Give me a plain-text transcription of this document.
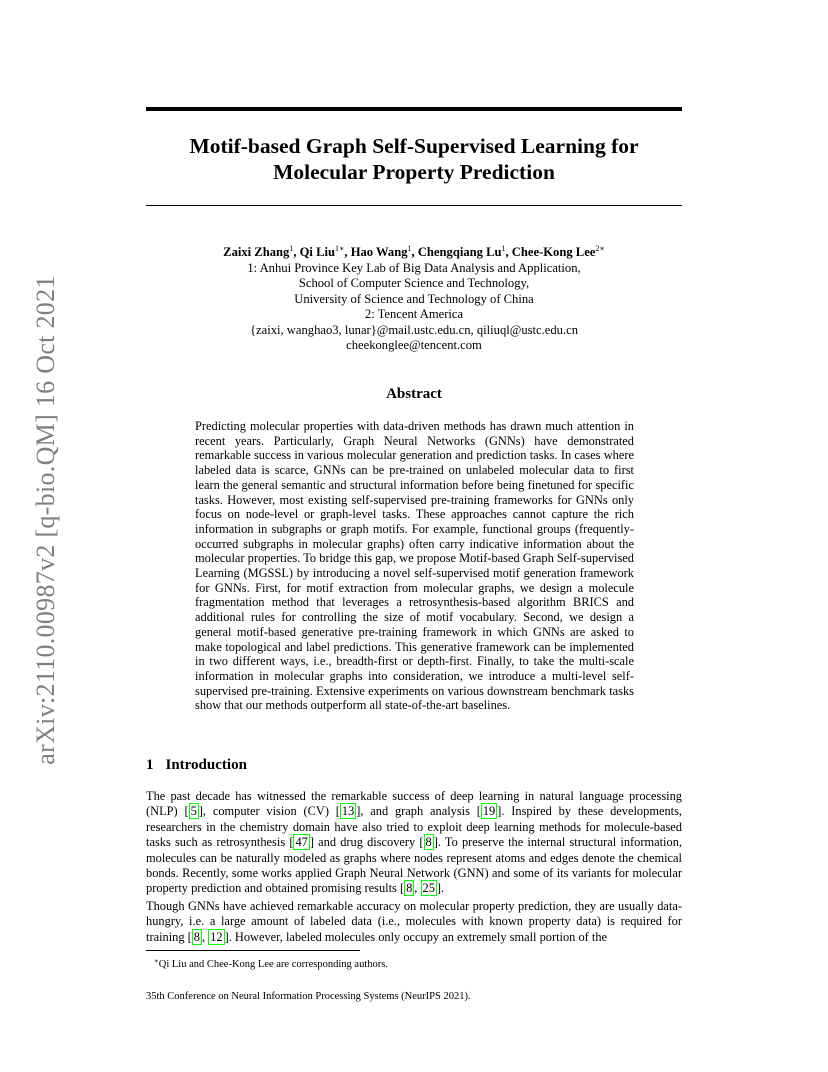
arXiv:2110.00987v2 [q-bio.QM] 16 Oct 2021
Motif-based Graph Self-Supervised Learning for
Molecular Property Prediction
Zaixi Zhang$^1$, Qi Liu$^{1∗}$, Hao Wang$^1$, Chengqiang Lu$^1$, Chee-Kong Lee$^{2∗}$
1: Anhui Province Key Lab of Big Data Analysis and Application,
School of Computer Science and Technology,
University of Science and Technology of China
2: Tencent America
{zaixi, wanghao3, lunar}@mail.ustc.edu.cn, qiliuql@ustc.edu.cn
cheekonglee@tencent.com
Abstract

Predicting molecular properties with data-driven methods has drawn much attention in recent years. Particularly, Graph Neural Networks (GNNs) have demonstrated remarkable success in various molecular generation and prediction tasks. In cases where labeled data is scarce, GNNs can be pre-trained on unlabeled molecular data to first learn the general semantic and structural information before being finetuned for specific tasks. However, most existing self-supervised pre-training frameworks for GNNs only focus on node-level or graph-level tasks. These approaches cannot capture the rich information in subgraphs or graph motifs. For example, functional groups (frequently-occurred subgraphs in molecular graphs) often carry indicative information about the molecular properties. To bridge this gap, we propose Motif-based Graph Self-supervised Learning (MGSSL) by introducing a novel self-supervised motif generation framework for GNNs. First, for motif extraction from molecular graphs, we design a molecule fragmentation method that leverages a retrosynthesis-based algorithm BRICS and additional rules for controlling the size of motif vocabulary. Second, we design a general motif-based generative pre-training framework in which GNNs are asked to make topological and label predictions. This generative framework can be implemented in two different ways, i.e., breadth-first or depth-first. Finally, to take the multi-scale information in molecular graphs into consideration, we introduce a multi-level self-supervised pre-training. Extensive experiments on various downstream benchmark tasks show that our methods outperform all state-of-the-art baselines.

1 Introduction

The past decade has witnessed the remarkable success of deep learning in natural language processing (NLP) [ 5 ], computer vision (CV) [ 13 ], and graph analysis [ 19 ]. Inspired by these developments, researchers in the chemistry domain have also tried to exploit deep learning methods for molecule-based tasks such as retrosynthesis [ 47 ] and drug discovery [ 8 ]. To preserve the internal structural information, molecules can be naturally modeled as graphs where nodes represent atoms and edges denote the chemical bonds. Recently, some works applied Graph Neural Network (GNN) and some of its variants for molecular property prediction and obtained promising results [ 8 , 25 ].

Though GNNs have achieved remarkable accuracy on molecular property prediction, they are usually data-hungry, i.e. a large amount of labeled data (i.e., molecules with known property data) is required for training [ 8 , 12 ]. However, labeled molecules only occupy an extremely small portion of the

∗Qi Liu and Chee-Kong Lee are corresponding authors.
35th Conference on Neural Information Processing Systems (NeurIPS 2021).
